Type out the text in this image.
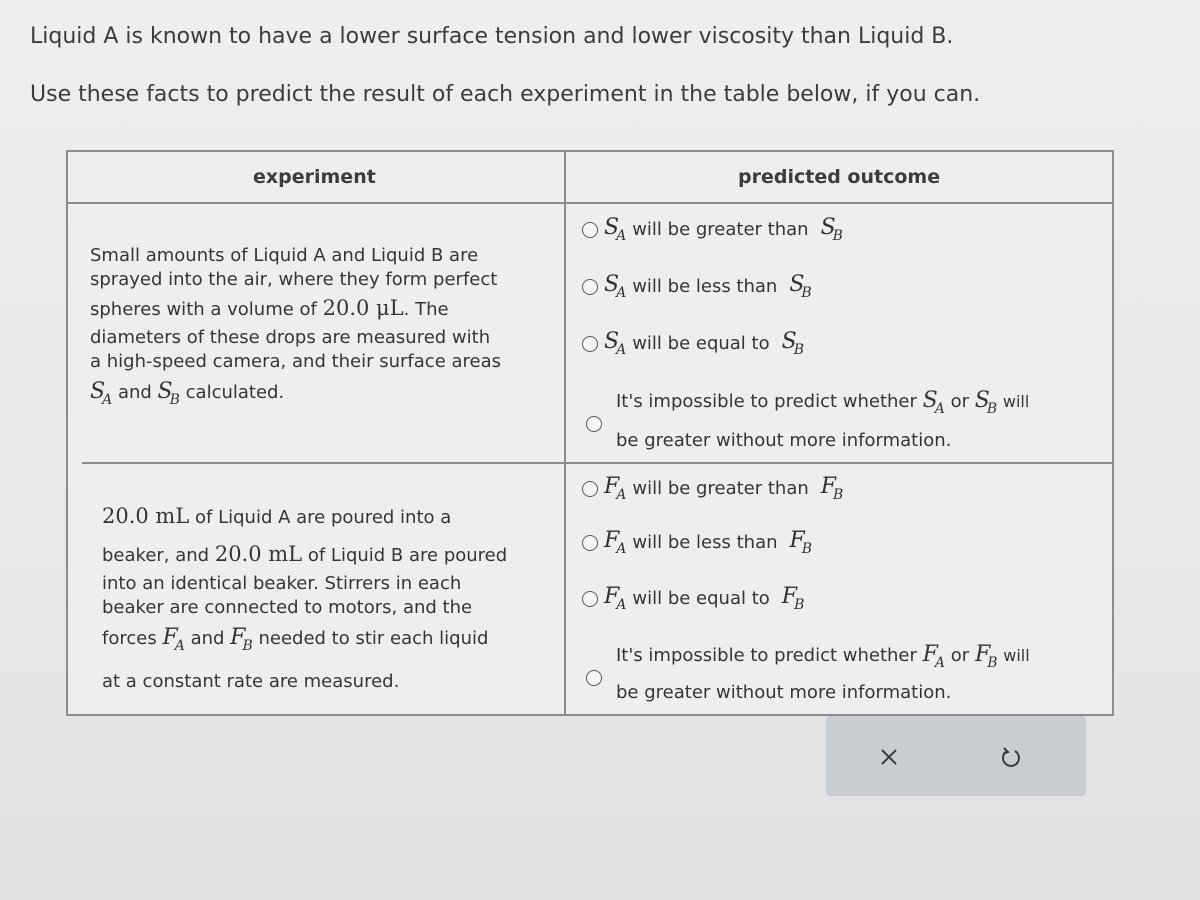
Liquid A is known to have a lower surface tension and lower viscosity than Liquid B.
Use these facts to predict the result of each experiment in the table below, if you can.
experiment	predicted outcome
Small amounts of Liquid A and Liquid B are
sprayed into the air, where they form perfect
spheres with a volume of 20.0 μL. The
diameters of these drops are measured with
a high-speed camera, and their surface areas
$S_A$ and $S_B$ calculated.
$S_A$ will be greater than $S_B$
$S_A$ will be less than $S_B$
$S_A$ will be equal to $S_B$
It's impossible to predict whether $S_A$ or $S_B$ will
be greater without more information.
20.0 mL of Liquid A are poured into a
beaker, and 20.0 mL of Liquid B are poured
into an identical beaker. Stirrers in each
beaker are connected to motors, and the
forces $F_A$ and $F_B$ needed to stir each liquid
at a constant rate are measured.
$F_A$ will be greater than $F_B$
$F_A$ will be less than $F_B$
$F_A$ will be equal to $F_B$
It's impossible to predict whether $F_A$ or $F_B$ will
be greater without more information.
